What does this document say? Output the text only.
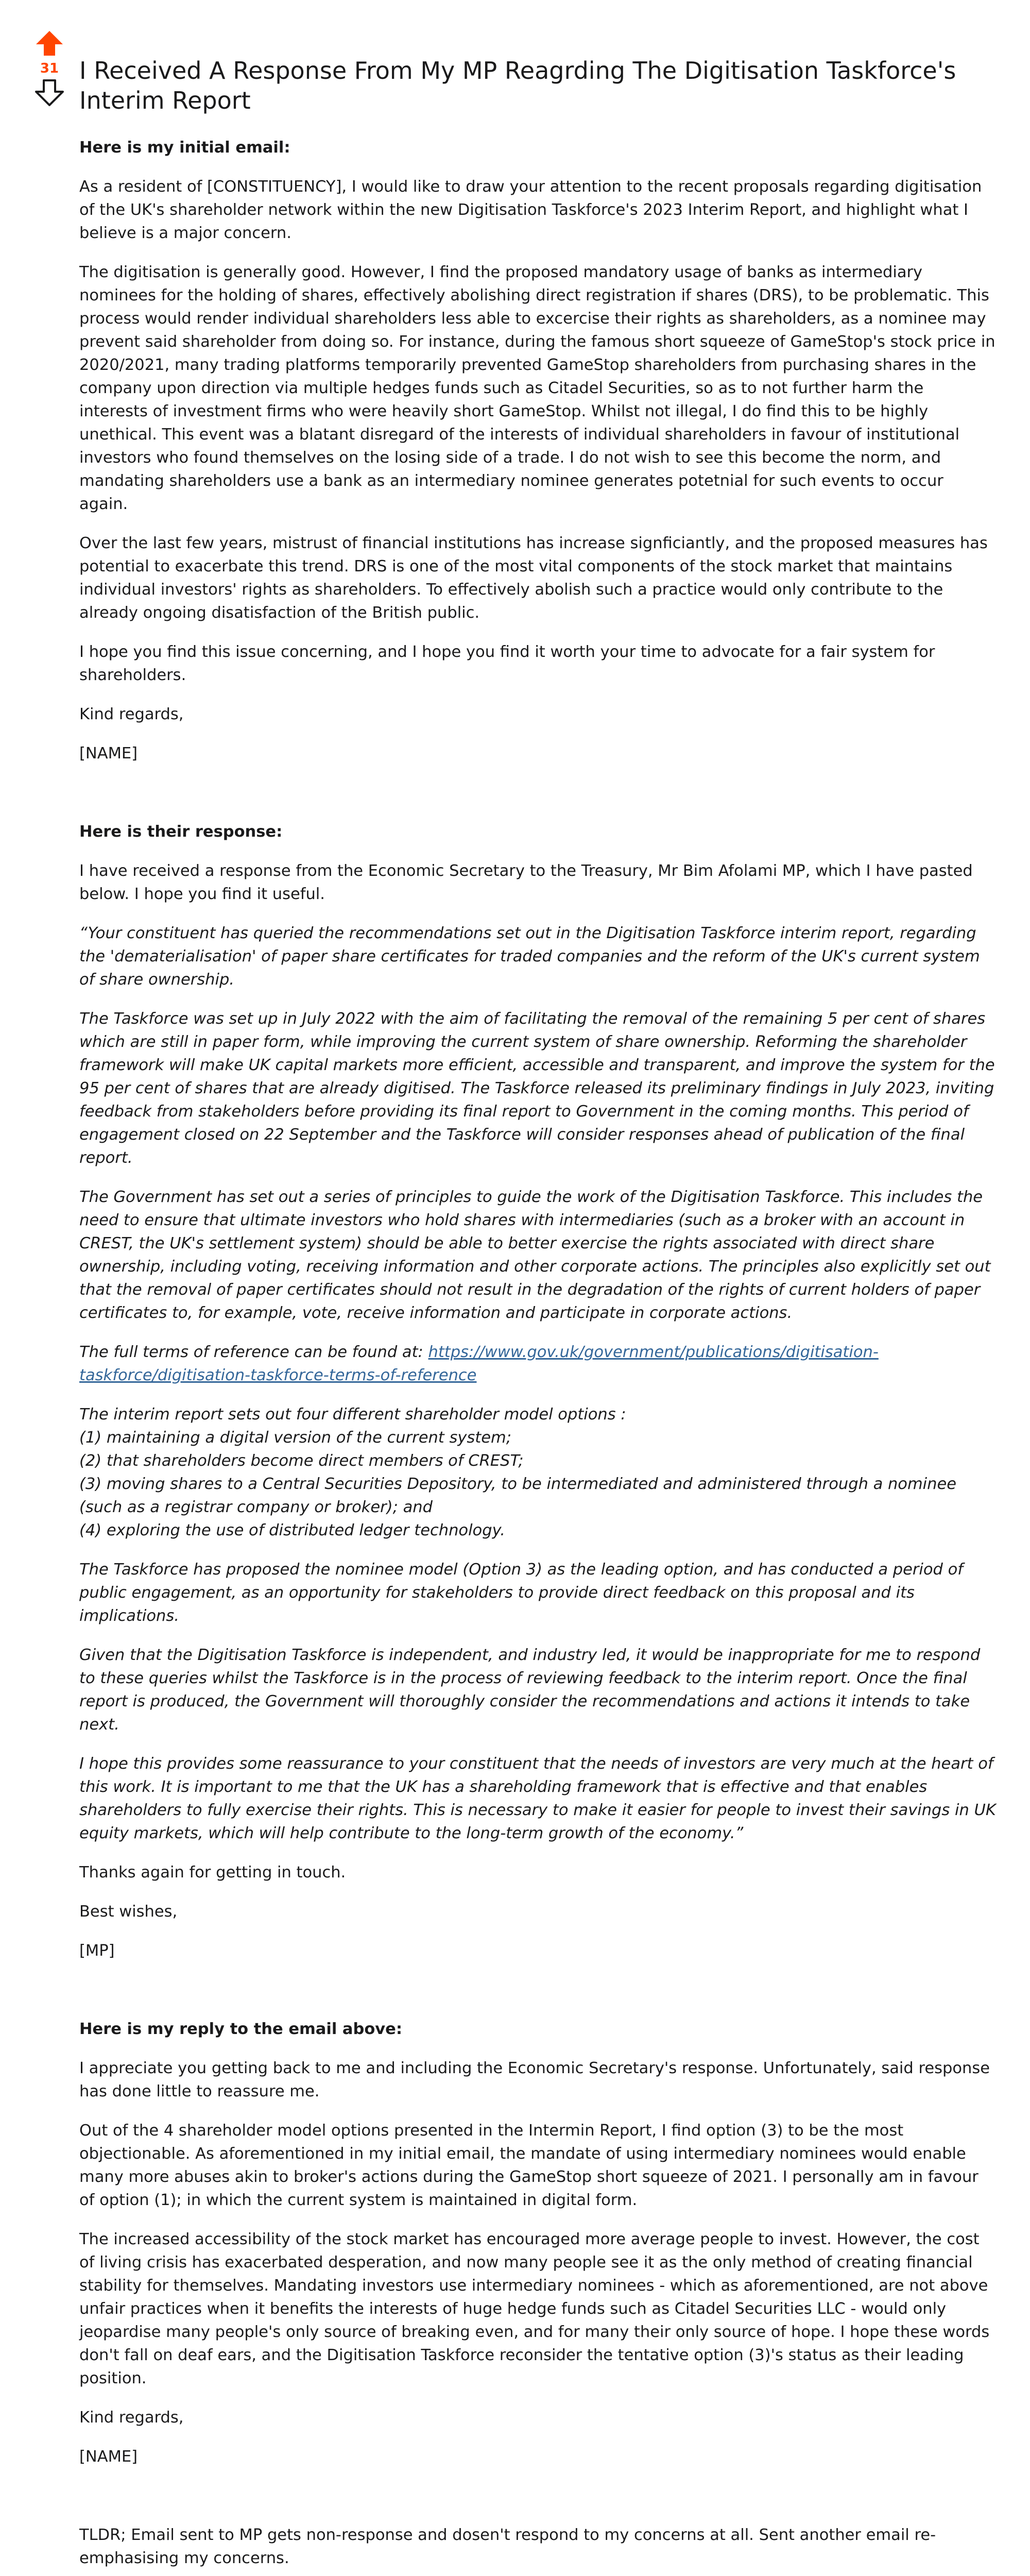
31 I Received A Response From My MP Reagrding The Digitisation Taskforce's Interim Report

Here is my initial email:

As a resident of [CONSTITUENCY], I would like to draw your attention to the recent proposals regarding digitisation of the UK's shareholder network within the new Digitisation Taskforce's 2023 Interim Report, and highlight what I believe is a major concern.

The digitisation is generally good. However, I find the proposed mandatory usage of banks as intermediary nominees for the holding of shares, effectively abolishing direct registration if shares (DRS), to be problematic. This process would render individual shareholders less able to excercise their rights as shareholders, as a nominee may prevent said shareholder from doing so. For instance, during the famous short squeeze of GameStop's stock price in 2020/2021, many trading platforms temporarily prevented GameStop shareholders from purchasing shares in the company upon direction via multiple hedges funds such as Citadel Securities, so as to not further harm the interests of investment firms who were heavily short GameStop. Whilst not illegal, I do find this to be highly unethical. This event was a blatant disregard of the interests of individual shareholders in favour of institutional investors who found themselves on the losing side of a trade. I do not wish to see this become the norm, and mandating shareholders use a bank as an intermediary nominee generates potetnial for such events to occur again.

Over the last few years, mistrust of financial institutions has increase signficiantly, and the proposed measures has potential to exacerbate this trend. DRS is one of the most vital components of the stock market that maintains individual investors' rights as shareholders. To effectively abolish such a practice would only contribute to the already ongoing disatisfaction of the British public.

I hope you find this issue concerning, and I hope you find it worth your time to advocate for a fair system for shareholders.

Kind regards,

[NAME]

Here is their response:

I have received a response from the Economic Secretary to the Treasury, Mr Bim Afolami MP, which I have pasted below. I hope you find it useful.

“Your constituent has queried the recommendations set out in the Digitisation Taskforce interim report, regarding the 'dematerialisation' of paper share certificates for traded companies and the reform of the UK's current system of share ownership.

The Taskforce was set up in July 2022 with the aim of facilitating the removal of the remaining 5 per cent of shares which are still in paper form, while improving the current system of share ownership. Reforming the shareholder framework will make UK capital markets more efficient, accessible and transparent, and improve the system for the 95 per cent of shares that are already digitised. The Taskforce released its preliminary findings in July 2023, inviting feedback from stakeholders before providing its final report to Government in the coming months. This period of engagement closed on 22 September and the Taskforce will consider responses ahead of publication of the final report.

The Government has set out a series of principles to guide the work of the Digitisation Taskforce. This includes the need to ensure that ultimate investors who hold shares with intermediaries (such as a broker with an account in CREST, the UK's settlement system) should be able to better exercise the rights associated with direct share ownership, including voting, receiving information and other corporate actions. The principles also explicitly set out that the removal of paper certificates should not result in the degradation of the rights of current holders of paper certificates to, for example, vote, receive information and participate in corporate actions.

The full terms of reference can be found at: https://www.gov.uk/government/publications/digitisation-taskforce/digitisation-taskforce-terms-of-reference

The interim report sets out four different shareholder model options :
(1) maintaining a digital version of the current system;
(2) that shareholders become direct members of CREST;
(3) moving shares to a Central Securities Depository, to be intermediated and administered through a nominee (such as a registrar company or broker); and
(4) exploring the use of distributed ledger technology.

The Taskforce has proposed the nominee model (Option 3) as the leading option, and has conducted a period of public engagement, as an opportunity for stakeholders to provide direct feedback on this proposal and its implications.

Given that the Digitisation Taskforce is independent, and industry led, it would be inappropriate for me to respond to these queries whilst the Taskforce is in the process of reviewing feedback to the interim report. Once the final report is produced, the Government will thoroughly consider the recommendations and actions it intends to take next.

I hope this provides some reassurance to your constituent that the needs of investors are very much at the heart of this work. It is important to me that the UK has a shareholding framework that is effective and that enables shareholders to fully exercise their rights. This is necessary to make it easier for people to invest their savings in UK equity markets, which will help contribute to the long-term growth of the economy.”

Thanks again for getting in touch.

Best wishes,

[MP]

Here is my reply to the email above:

I appreciate you getting back to me and including the Economic Secretary's response. Unfortunately, said response has done little to reassure me.

Out of the 4 shareholder model options presented in the Intermin Report, I find option (3) to be the most objectionable. As aforementioned in my initial email, the mandate of using intermediary nominees would enable many more abuses akin to broker's actions during the GameStop short squeeze of 2021. I personally am in favour of option (1); in which the current system is maintained in digital form.

The increased accessibility of the stock market has encouraged more average people to invest. However, the cost of living crisis has exacerbated desperation, and now many people see it as the only method of creating financial stability for themselves. Mandating investors use intermediary nominees - which as aforementioned, are not above unfair practices when it benefits the interests of huge hedge funds such as Citadel Securities LLC - would only jeopardise many people's only source of breaking even, and for many their only source of hope. I hope these words don't fall on deaf ears, and the Digitisation Taskforce reconsider the tentative option (3)'s status as their leading position.

Kind regards,

[NAME]

TLDR; Email sent to MP gets non-response and dosen't respond to my concerns at all. Sent another email re-emphasising my concerns.
